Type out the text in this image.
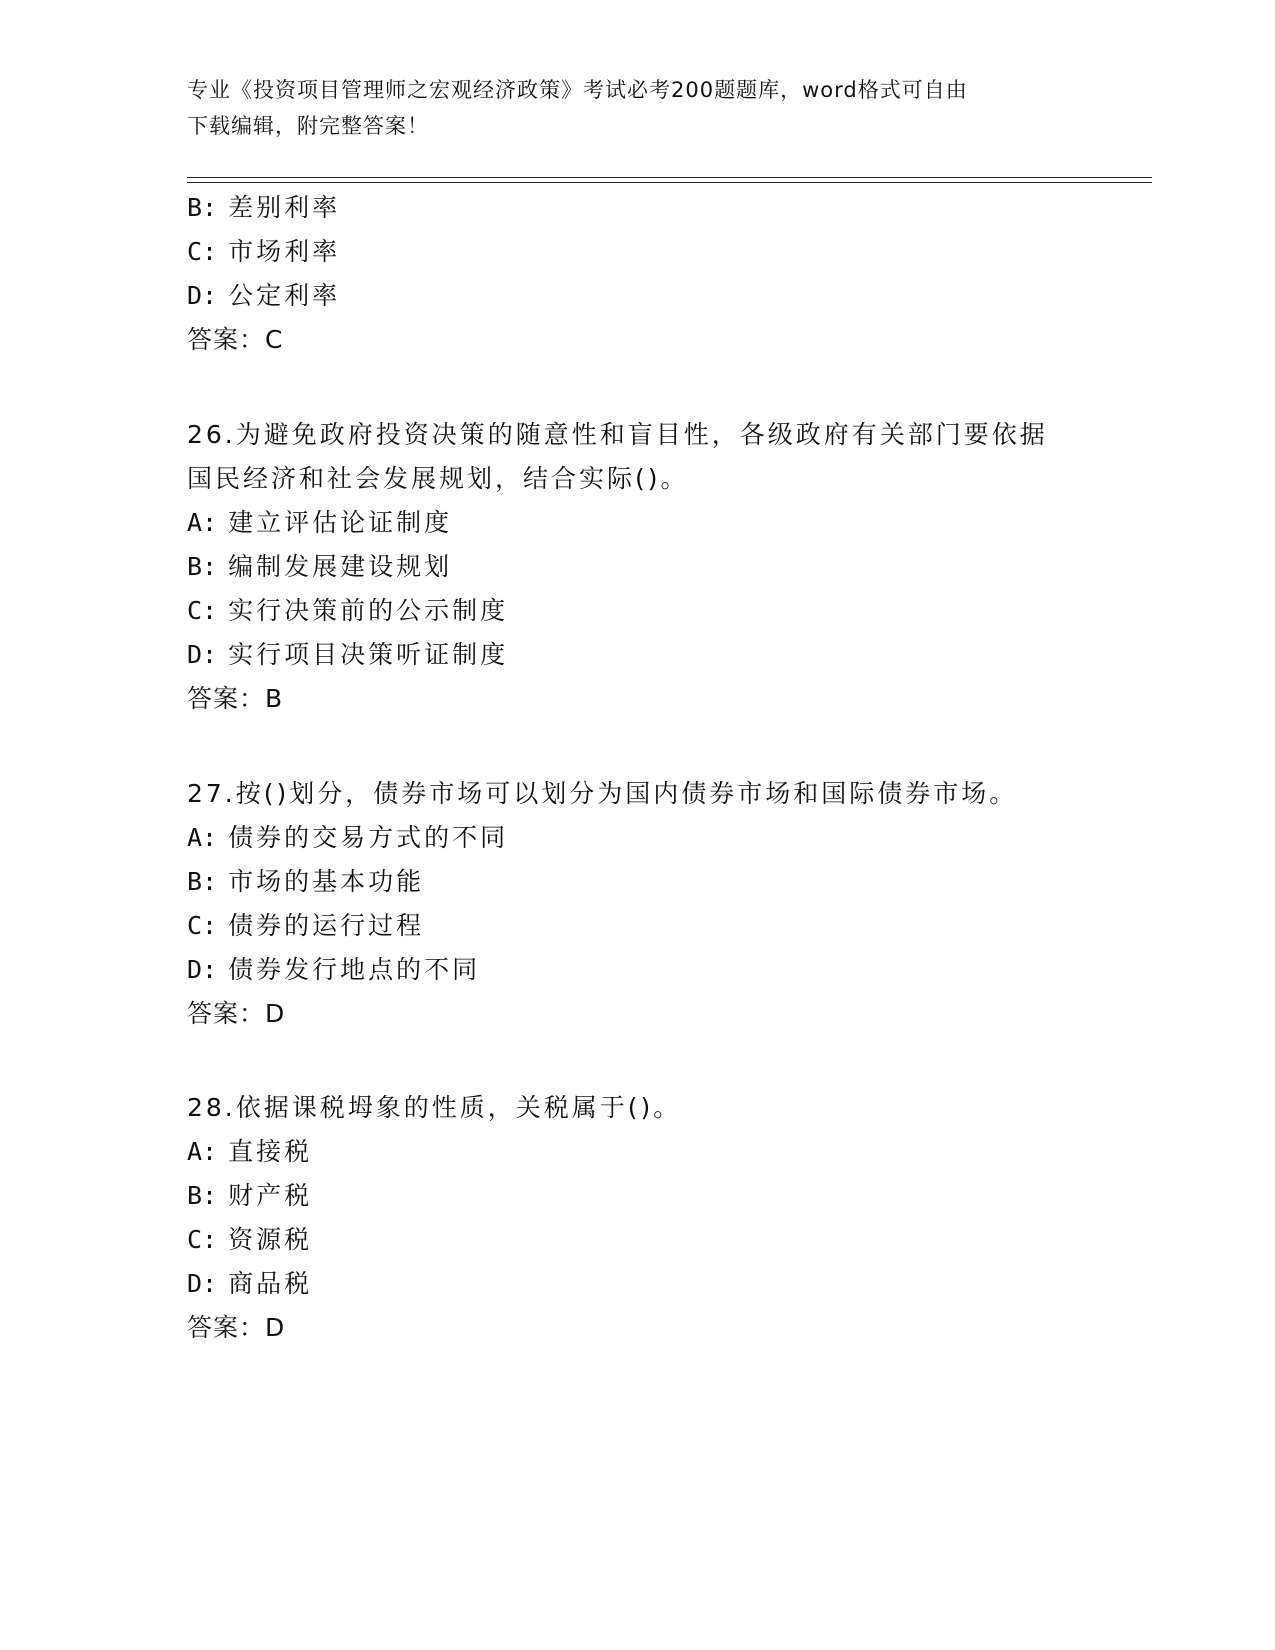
专业《投资项目管理师之宏观经济政策》考试必考200题题库，word格式可自由
下载编辑，附完整答案！
B: 差别利率
C: 市场利率
D: 公定利率
答案：C
26.为避免政府投资决策的随意性和盲目性，各级政府有关部门要依据
国民经济和社会发展规划，结合实际()。
A: 建立评估论证制度
B: 编制发展建设规划
C: 实行决策前的公示制度
D: 实行项目决策听证制度
答案：B
27.按()划分，债券市场可以划分为国内债券市场和国际债券市场。
A: 债券的交易方式的不同
B: 市场的基本功能
C: 债券的运行过程
D: 债券发行地点的不同
答案：D
28.依据课税坶象的性质，关税属于()。
A: 直接税
B: 财产税
C: 资源税
D: 商品税
答案：D
